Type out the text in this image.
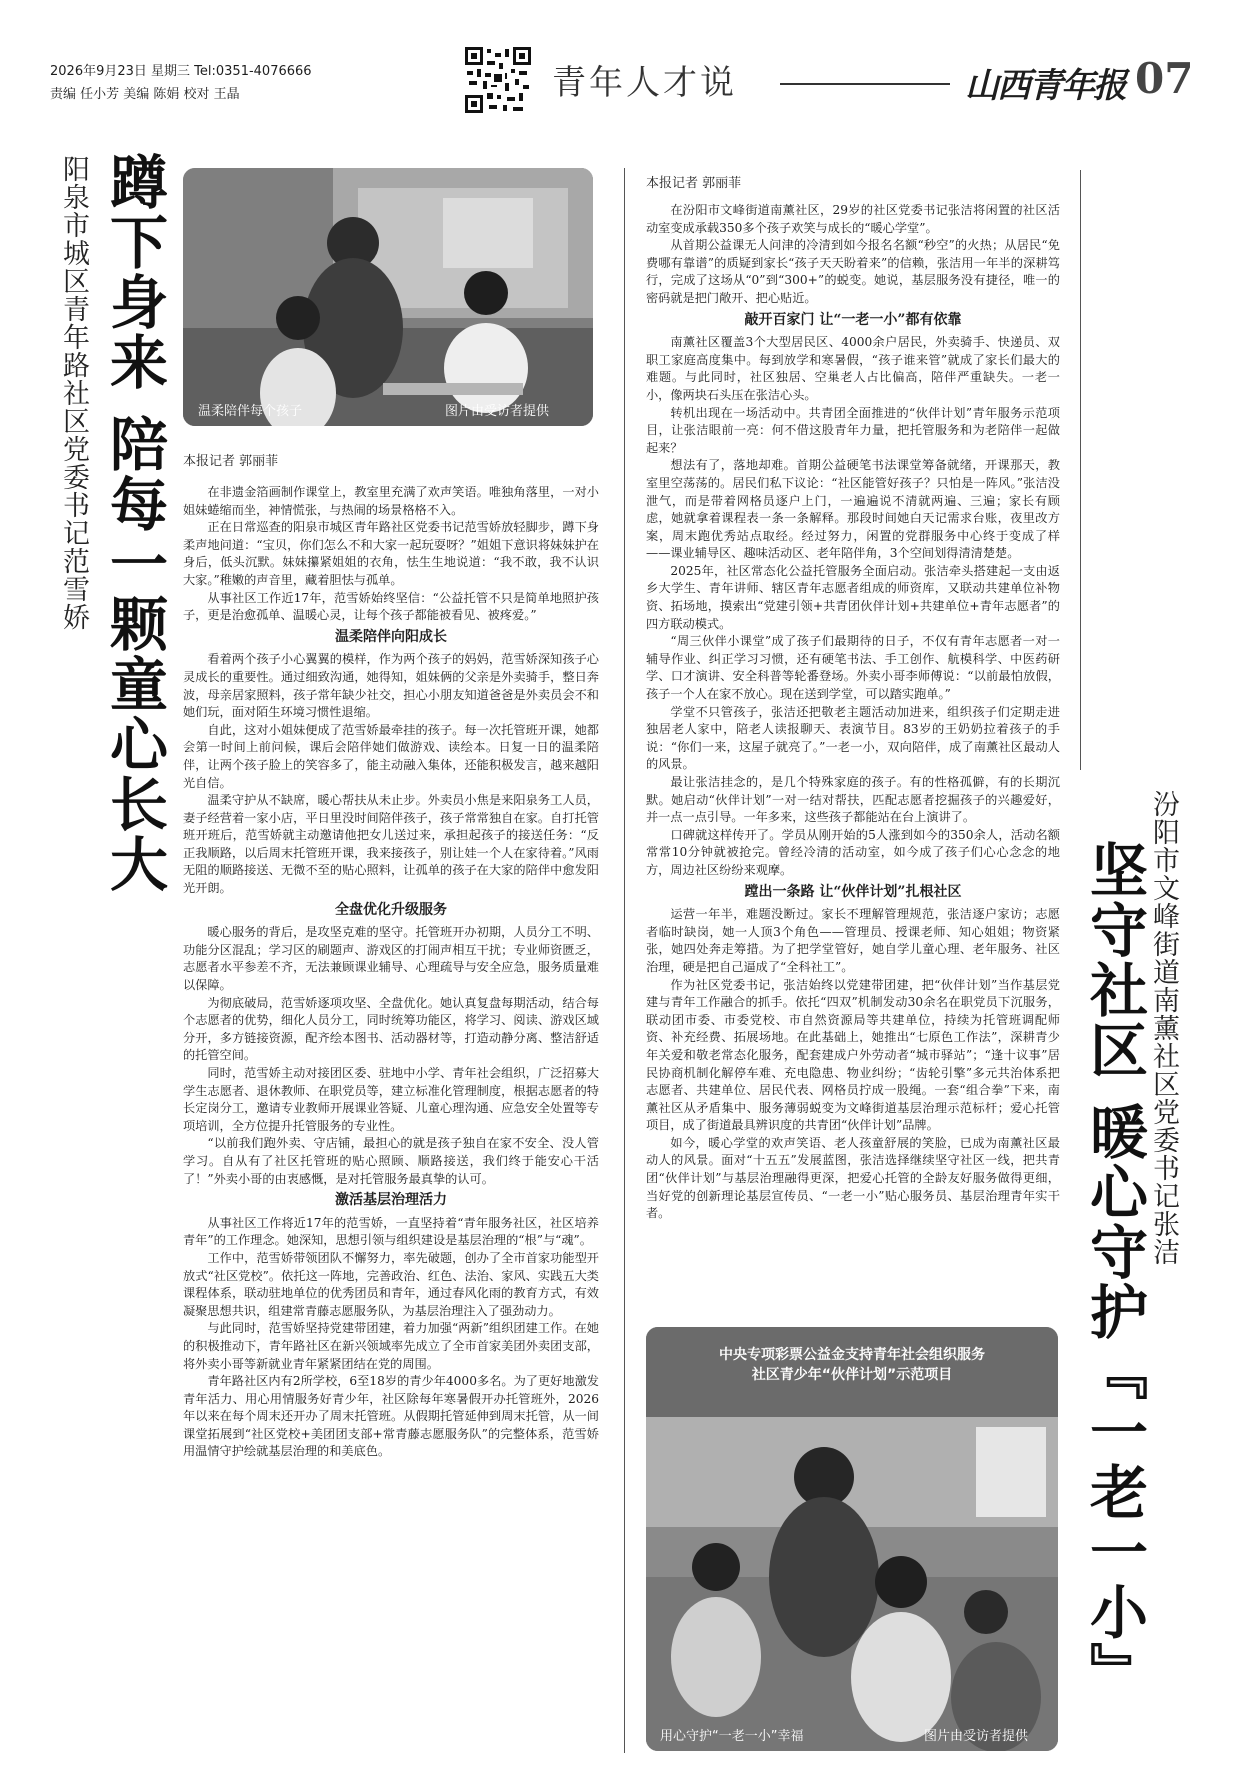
2026年9月23日 星期三 Tel:0351-4076666
责编 任小芳 美编 陈娟 校对 王晶	青年人才说	山西青年报 07
蹲下身来 陪每一颗童心长大
阳泉市城区青年路社区党委书记范雪娇	温柔陪伴每个孩子	图片由受访者提供
本报记者 郭丽菲

在非遗金箔画制作课堂上，教室里充满了欢声笑语。唯独角落里，一对小姐妹蜷缩而坐，神情慌张，与热闹的场景格格不入。

正在日常巡查的阳泉市城区青年路社区党委书记范雪娇放轻脚步，蹲下身柔声地问道：“宝贝，你们怎么不和大家一起玩耍呀？”姐姐下意识将妹妹护在身后，低头沉默。妹妹攥紧姐姐的衣角，怯生生地说道：“我不敢，我不认识大家。”稚嫩的声音里，藏着胆怯与孤单。

从事社区工作近17年，范雪娇始终坚信：“公益托管不只是简单地照护孩子，更是治愈孤单、温暖心灵，让每个孩子都能被看见、被疼爱。”

温柔陪伴向阳成长

看着两个孩子小心翼翼的模样，作为两个孩子的妈妈，范雪娇深知孩子心灵成长的重要性。通过细致沟通，她得知，姐妹俩的父亲是外卖骑手，整日奔波，母亲居家照料，孩子常年缺少社交，担心小朋友知道爸爸是外卖员会不和她们玩，面对陌生环境习惯性退缩。

自此，这对小姐妹便成了范雪娇最牵挂的孩子。每一次托管班开课，她都会第一时间上前问候，课后会陪伴她们做游戏、读绘本。日复一日的温柔陪伴，让两个孩子脸上的笑容多了，能主动融入集体，还能积极发言，越来越阳光自信。

温柔守护从不缺席，暖心帮扶从未止步。外卖员小焦是来阳泉务工人员，妻子经营着一家小店，平日里没时间陪伴孩子，孩子常常独自在家。自打托管班开班后，范雪娇就主动邀请他把女儿送过来，承担起孩子的接送任务：“反正我顺路，以后周末托管班开课，我来接孩子，别让娃一个人在家待着。”风雨无阻的顺路接送、无微不至的贴心照料，让孤单的孩子在大家的陪伴中愈发阳光开朗。

全盘优化升级服务

暖心服务的背后，是攻坚克难的坚守。托管班开办初期，人员分工不明、功能分区混乱；学习区的刷题声、游戏区的打闹声相互干扰；专业师资匮乏，志愿者水平参差不齐，无法兼顾课业辅导、心理疏导与安全应急，服务质量难以保障。

为彻底破局，范雪娇逐项攻坚、全盘优化。她认真复盘每期活动，结合每个志愿者的优势，细化人员分工，同时统筹功能区，将学习、阅读、游戏区域分开，多方链接资源，配齐绘本图书、活动器材等，打造动静分离、整洁舒适的托管空间。

同时，范雪娇主动对接团区委、驻地中小学、青年社会组织，广泛招募大学生志愿者、退休教师、在职党员等，建立标准化管理制度，根据志愿者的特长定岗分工，邀请专业教师开展课业答疑、儿童心理沟通、应急安全处置等专项培训，全方位提升托管服务的专业性。

“以前我们跑外卖、守店铺，最担心的就是孩子独自在家不安全、没人管学习。自从有了社区托管班的贴心照顾、顺路接送，我们终于能安心干活了！”外卖小哥的由衷感慨，是对托管服务最真挚的认可。

激活基层治理活力

从事社区工作将近17年的范雪娇，一直坚持着“青年服务社区，社区培养青年”的工作理念。她深知，思想引领与组织建设是基层治理的“根”与“魂”。

工作中，范雪娇带领团队不懈努力，率先破题，创办了全市首家功能型开放式“社区党校”。依托这一阵地，完善政治、红色、法治、家风、实践五大类课程体系，联动驻地单位的优秀团员和青年，通过春风化雨的教育方式，有效凝聚思想共识，组建常青藤志愿服务队，为基层治理注入了强劲动力。

与此同时，范雪娇坚持党建带团建，着力加强“两新”组织团建工作。在她的积极推动下，青年路社区在新兴领域率先成立了全市首家美团外卖团支部，将外卖小哥等新就业青年紧紧团结在党的周围。

青年路社区内有2所学校，6至18岁的青少年4000多名。为了更好地激发青年活力、用心用情服务好青少年，社区除每年寒暑假开办托管班外，2026年以来在每个周末还开办了周末托管班。从假期托管延伸到周末托管，从一间课堂拓展到“社区党校+美团团支部+常青藤志愿服务队”的完整体系，范雪娇用温情守护绘就基层治理的和美底色。

本报记者 郭丽菲

在汾阳市文峰街道南薰社区，29岁的社区党委书记张洁将闲置的社区活动室变成承载350多个孩子欢笑与成长的“暖心学堂”。

从首期公益课无人问津的冷清到如今报名名额“秒空”的火热；从居民“免费哪有靠谱”的质疑到家长“孩子天天盼着来”的信赖，张洁用一年半的深耕笃行，完成了这场从“0”到“300+”的蜕变。她说，基层服务没有捷径，唯一的密码就是把门敞开、把心贴近。

敲开百家门 让“一老一小”都有依靠

南薰社区覆盖3个大型居民区、4000余户居民，外卖骑手、快递员、双职工家庭高度集中。每到放学和寒暑假，“孩子谁来管”就成了家长们最大的难题。与此同时，社区独居、空巢老人占比偏高，陪伴严重缺失。一老一小，像两块石头压在张洁心头。

转机出现在一场活动中。共青团全面推进的“伙伴计划”青年服务示范项目，让张洁眼前一亮：何不借这股青年力量，把托管服务和为老陪伴一起做起来？

想法有了，落地却难。首期公益硬笔书法课堂筹备就绪，开课那天，教室里空荡荡的。居民们私下议论：“社区能管好孩子？只怕是一阵风。”张洁没泄气，而是带着网格员逐户上门，一遍遍说不清就两遍、三遍；家长有顾虑，她就拿着课程表一条一条解释。那段时间她白天记需求台账，夜里改方案，周末跑优秀站点取经。经过努力，闲置的党群服务中心终于变成了样——课业辅导区、趣味活动区、老年陪伴角，3个空间划得清清楚楚。

2025年，社区常态化公益托管服务全面启动。张洁牵头搭建起一支由返乡大学生、青年讲师、辖区青年志愿者组成的师资库，又联动共建单位补物资、拓场地，摸索出“党建引领+共青团伙伴计划+共建单位+青年志愿者”的四方联动模式。

“周三伙伴小课堂”成了孩子们最期待的日子，不仅有青年志愿者一对一辅导作业、纠正学习习惯，还有硬笔书法、手工创作、航模科学、中医药研学、口才演讲、安全科普等轮番登场。外卖小哥李师傅说：“以前最怕放假，孩子一个人在家不放心。现在送到学堂，可以踏实跑单。”

学堂不只管孩子，张洁还把敬老主题活动加进来，组织孩子们定期走进独居老人家中，陪老人读报聊天、表演节目。83岁的王奶奶拉着孩子的手说：“你们一来，这屋子就亮了。”一老一小，双向陪伴，成了南薰社区最动人的风景。

最让张洁挂念的，是几个特殊家庭的孩子。有的性格孤僻，有的长期沉默。她启动“伙伴计划”一对一结对帮扶，匹配志愿者挖掘孩子的兴趣爱好，并一点一点引导。一年多来，这些孩子都能站在台上演讲了。

口碑就这样传开了。学员从刚开始的5人涨到如今的350余人，活动名额常常10分钟就被抢完。曾经冷清的活动室，如今成了孩子们心心念念的地方，周边社区纷纷来观摩。

蹚出一条路 让“伙伴计划”扎根社区

运营一年半，难题没断过。家长不理解管理规范，张洁逐户家访；志愿者临时缺岗，她一人顶3个角色——管理员、授课老师、知心姐姐；物资紧张，她四处奔走筹措。为了把学堂管好，她自学儿童心理、老年服务、社区治理，硬是把自己逼成了“全科社工”。

作为社区党委书记，张洁始终以党建带团建，把“伙伴计划”当作基层党建与青年工作融合的抓手。依托“四双”机制发动30余名在职党员下沉服务，联动团市委、市委党校、市自然资源局等共建单位，持续为托管班调配师资、补充经费、拓展场地。在此基础上，她推出“七原色工作法”，深耕青少年关爱和敬老常态化服务，配套建成户外劳动者“城市驿站”；“逢十议事”居民协商机制化解停车难、充电隐患、物业纠纷；“齿轮引擎”多元共治体系把志愿者、共建单位、居民代表、网格员拧成一股绳。一套“组合拳”下来，南薰社区从矛盾集中、服务薄弱蜕变为文峰街道基层治理示范标杆；爱心托管项目，成了街道最具辨识度的共青团“伙伴计划”品牌。

如今，暖心学堂的欢声笑语、老人孩童舒展的笑脸，已成为南薰社区最动人的风景。面对“十五五”发展蓝图，张洁选择继续坚守社区一线，把共青团“伙伴计划”与基层治理融得更深，把爱心托管的全龄友好服务做得更细，当好党的创新理论基层宣传员、“一老一小”贴心服务员、基层治理青年实干者。	坚守社区 暖心守护『一老一小』 汾阳市文峰街道南薰社区党委书记张洁
中央专项彩票公益金支持青年社会组织服务
社区青少年“伙伴计划”示范项目
用心守护“一老一小”幸福	图片由受访者提供
